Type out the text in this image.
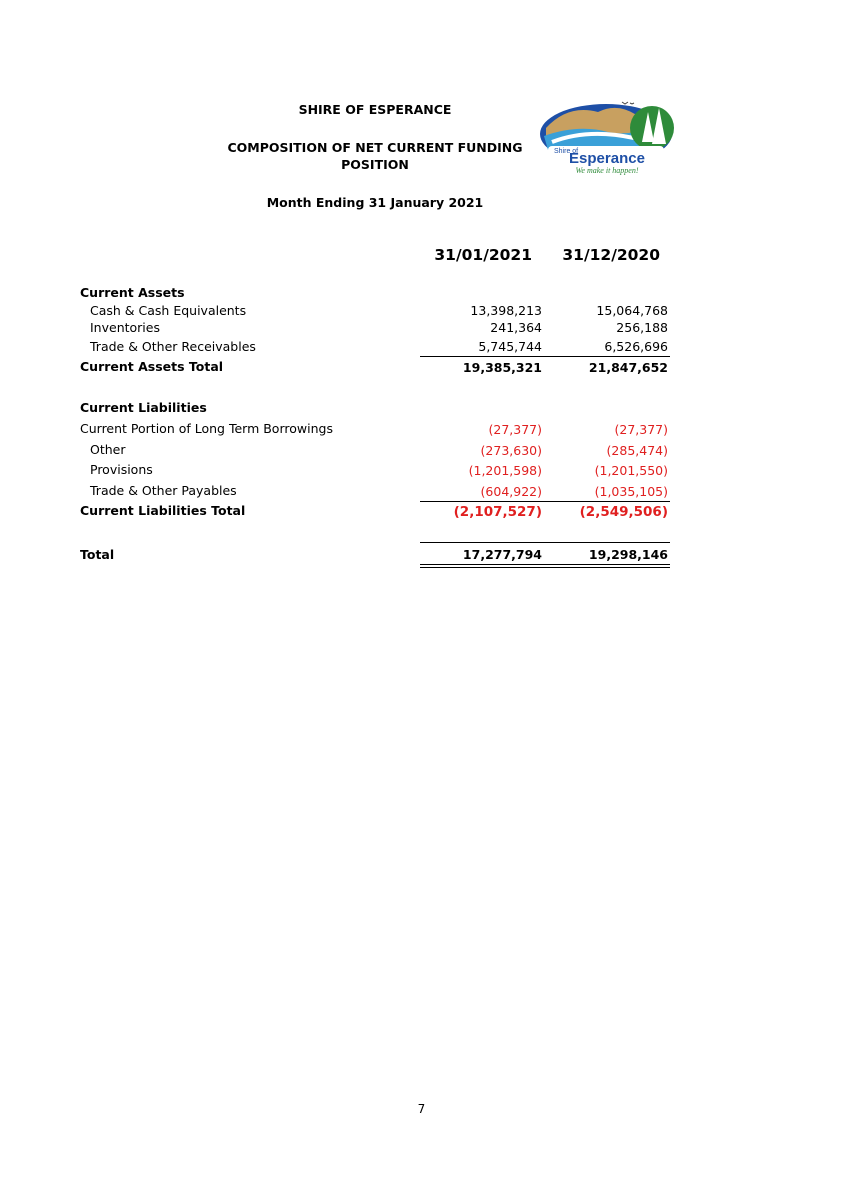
SHIRE OF ESPERANCE
COMPOSITION OF NET CURRENT FUNDING
POSITION
Month Ending 31 January 2021
Shire of
Esperance
We make it happen!
31/01/2021	31/12/2020
Current Assets
Cash & Cash Equivalents	13,398,213	15,064,768
Inventories	241,364	256,188
Trade & Other Receivables	5,745,744	6,526,696
Current Assets Total	19,385,321	21,847,652
Current Liabilities
Current Portion of Long Term Borrowings	(27,377)	(27,377)
Other	(273,630)	(285,474)
Provisions	(1,201,598)	(1,201,550)
Trade & Other Payables	(604,922)	(1,035,105)
Current Liabilities Total	(2,107,527)	(2,549,506)
Total	17,277,794	19,298,146
7
